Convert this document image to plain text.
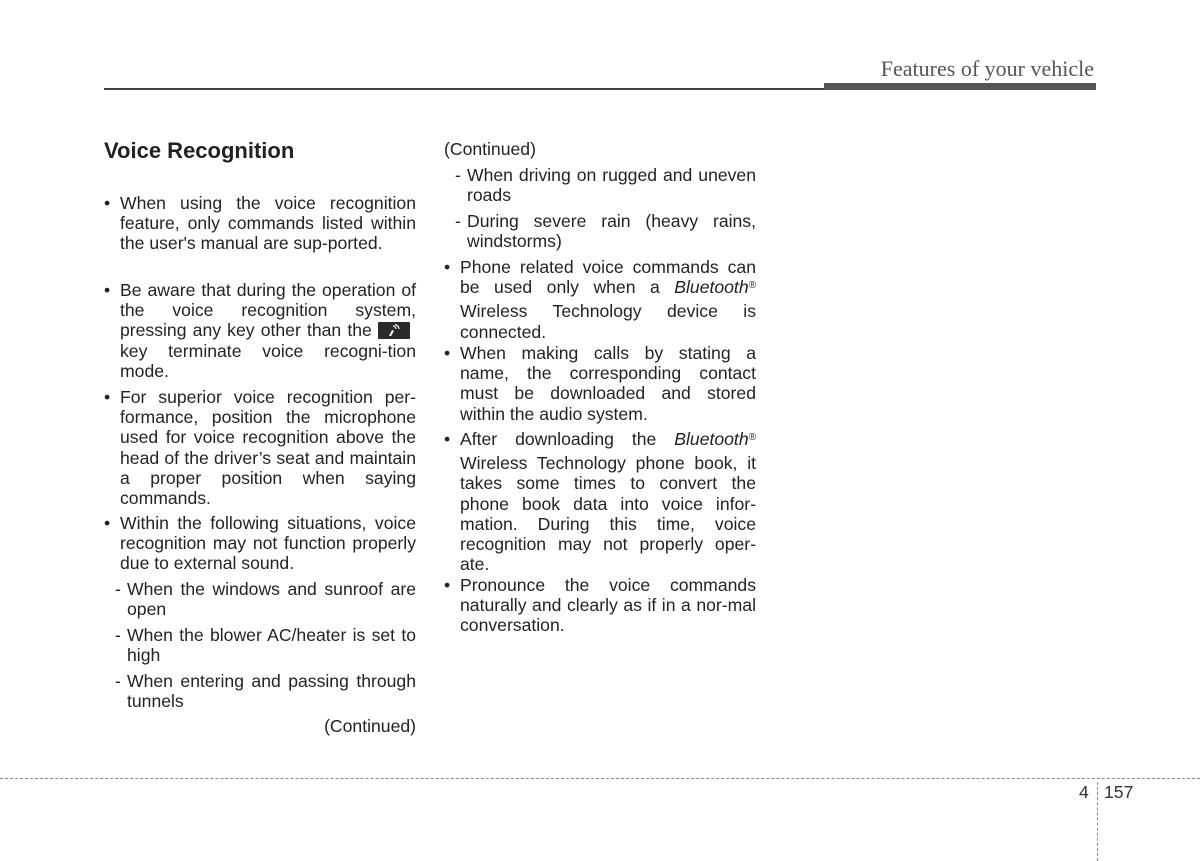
Features of your vehicle
Voice Recognition
• When using the voice recognition feature, only commands listed within the user's manual are sup-ported.
• Be aware that during the operation of the voice recognition system, pressing any key other than the
key terminate voice recogni-tion mode.
• For superior voice recognition per-formance, position the microphone used for voice recognition above the head of the driver’s seat and maintain a proper position when saying commands.
• Within the following situations, voice recognition may not function properly due to external sound.
- When the windows and sunroof are open
- When the blower AC/heater is set to high
- When entering and passing through tunnels
(Continued)
(Continued)
- When driving on rugged and uneven roads
- During severe rain (heavy rains, windstorms)
• Phone related voice commands can be used only when a Bluetooth® Wireless Technology device is connected.
• When making calls by stating a name, the corresponding contact must be downloaded and stored within the audio system.
• After downloading the Bluetooth® Wireless Technology phone book, it takes some times to convert the phone book data into voice infor-mation. During this time, voice recognition may not properly oper-ate.
• Pronounce the voice commands naturally and clearly as if in a nor-mal conversation.
4 157
